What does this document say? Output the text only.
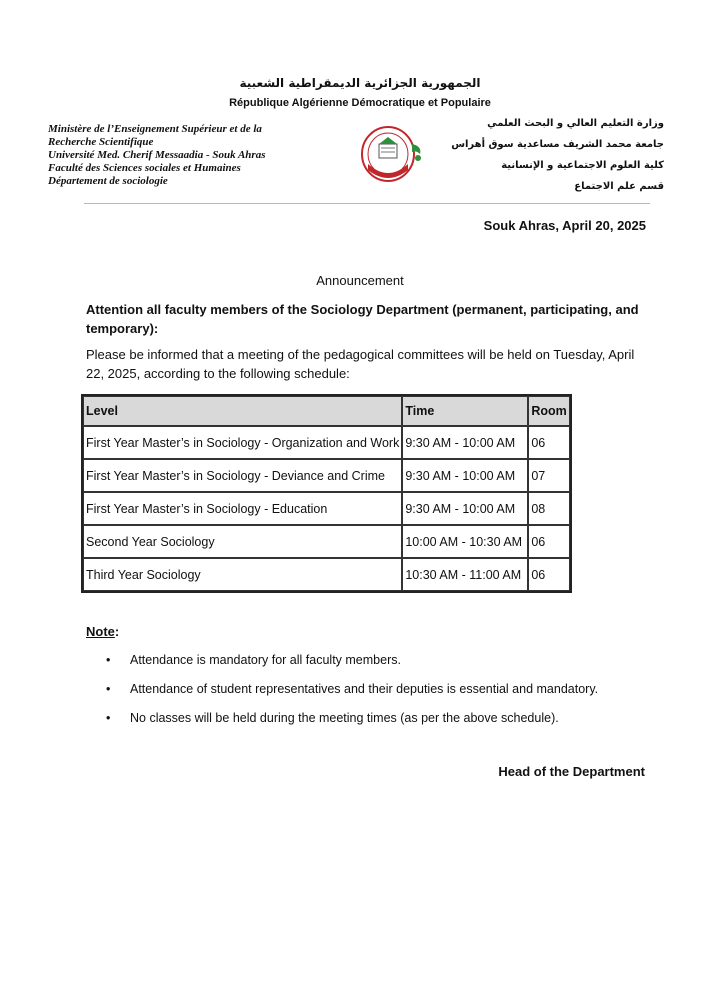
الجمهورية الجزائرية الديمقراطية الشعبية
République Algérienne Démocratique et Populaire
Ministère de l’Enseignement Supérieur et de la
Recherche Scientifique
Université Med. Cherif Messaadia - Souk Ahras
Faculté des Sciences sociales et Humaines
Département de sociologie
وزارة التعليم العالي و البحث العلمي
جامعة محمد الشريف مساعدية سوق أهراس
كلية العلوم الاجتماعية و الإنسانية
قسم علم الاجتماع
Souk Ahras, April 20, 2025
Announcement
Attention all faculty members of the Sociology Department (permanent, participating, and temporary):
Please be informed that a meeting of the pedagogical committees will be held on Tuesday, April 22, 2025, according to the following schedule:
Level	Time	Room
First Year Master’s in Sociology - Organization and Work	9:30 AM - 10:00 AM	06
First Year Master’s in Sociology - Deviance and Crime	9:30 AM - 10:00 AM	07
First Year Master’s in Sociology - Education	9:30 AM - 10:00 AM	08
Second Year Sociology	10:00 AM - 10:30 AM	06
Third Year Sociology	10:30 AM - 11:00 AM	06
Note:
• Attendance is mandatory for all faculty members.
• Attendance of student representatives and their deputies is essential and mandatory.
• No classes will be held during the meeting times (as per the above schedule).
Head of the Department
